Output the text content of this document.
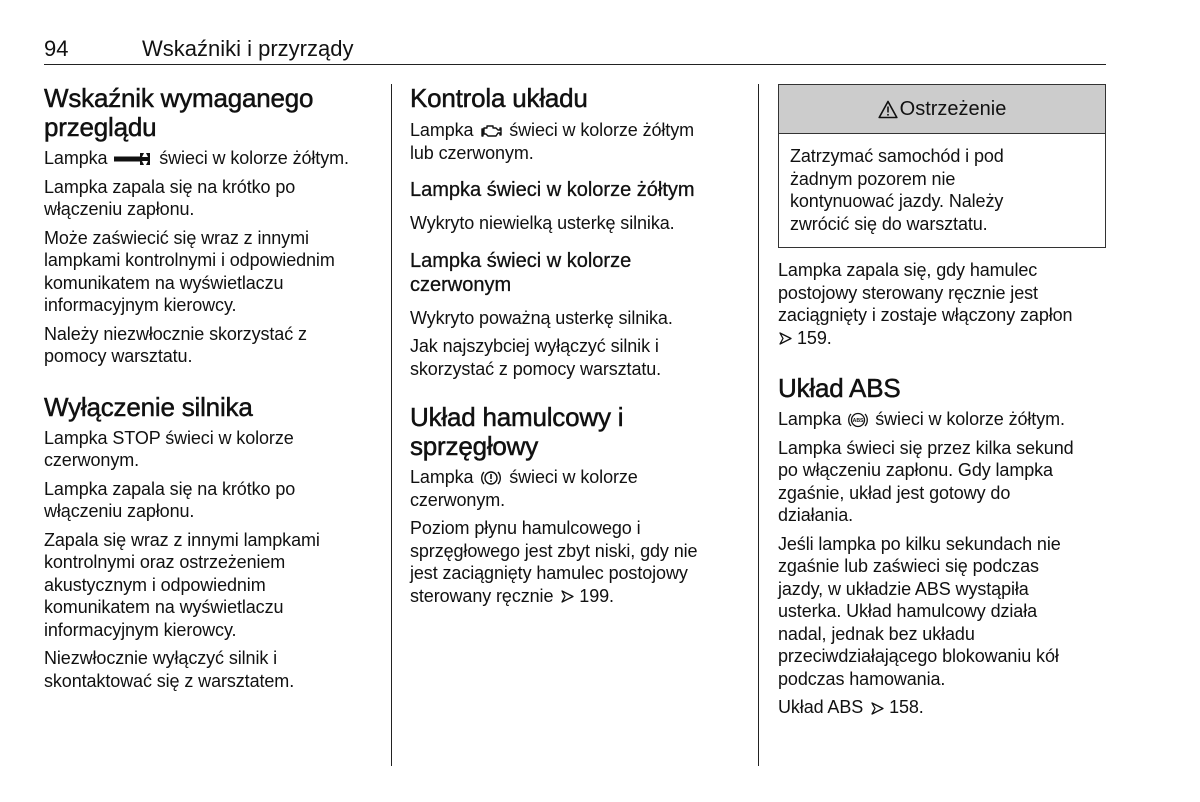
94	Wskaźniki i przyrządy
Wskaźnik wymaganego
przeglądu

Lampka	świeci w kolorze żółtym.

Lampka zapala się na krótko po
włączeniu zapłonu.

Może zaświecić się wraz z innymi
lampkami kontrolnymi i odpowiednim
komunikatem na wyświetlaczu
informacyjnym kierowcy.

Należy niezwłocznie skorzystać z
pomocy warsztatu.

Wyłączenie silnika

Lampka STOP świeci w kolorze
czerwonym.

Lampka zapala się na krótko po
włączeniu zapłonu.

Zapala się wraz z innymi lampkami
kontrolnymi oraz ostrzeżeniem
akustycznym i odpowiednim
komunikatem na wyświetlaczu
informacyjnym kierowcy.

Niezwłocznie wyłączyć silnik i
skontaktować się z warsztatem.

Kontrola układu

Lampka świeci w kolorze żółtym
lub czerwonym.

Lampka świeci w kolorze żółtym

Wykryto niewielką usterkę silnika.

Lampka świeci w kolorze
czerwonym

Wykryto poważną usterkę silnika.

Jak najszybciej wyłączyć silnik i
skorzystać z pomocy warsztatu.

Układ hamulcowy i
sprzęgłowy

Lampka świeci w kolorze
czerwonym.

Poziom płynu hamulcowego i
sprzęgłowego jest zbyt niski, gdy nie
jest zaciągnięty hamulec postojowy
sterowany ręcznie 199.

Ostrzeżenie

Zatrzymać samochód i pod
żadnym pozorem nie
kontynuować jazdy. Należy
zwrócić się do warsztatu.

Lampka zapala się, gdy hamulec
postojowy sterowany ręcznie jest
zaciągnięty i zostaje włączony zapłon
159.

Układ ABS

Lampka ABS świeci w kolorze żółtym.

Lampka świeci się przez kilka sekund
po włączeniu zapłonu. Gdy lampka
zgaśnie, układ jest gotowy do
działania.

Jeśli lampka po kilku sekundach nie
zgaśnie lub zaświeci się podczas
jazdy, w układzie ABS wystąpiła
usterka. Układ hamulcowy działa
nadal, jednak bez układu
przeciwdziałającego blokowaniu kół
podczas hamowania.

Układ ABS 158.
